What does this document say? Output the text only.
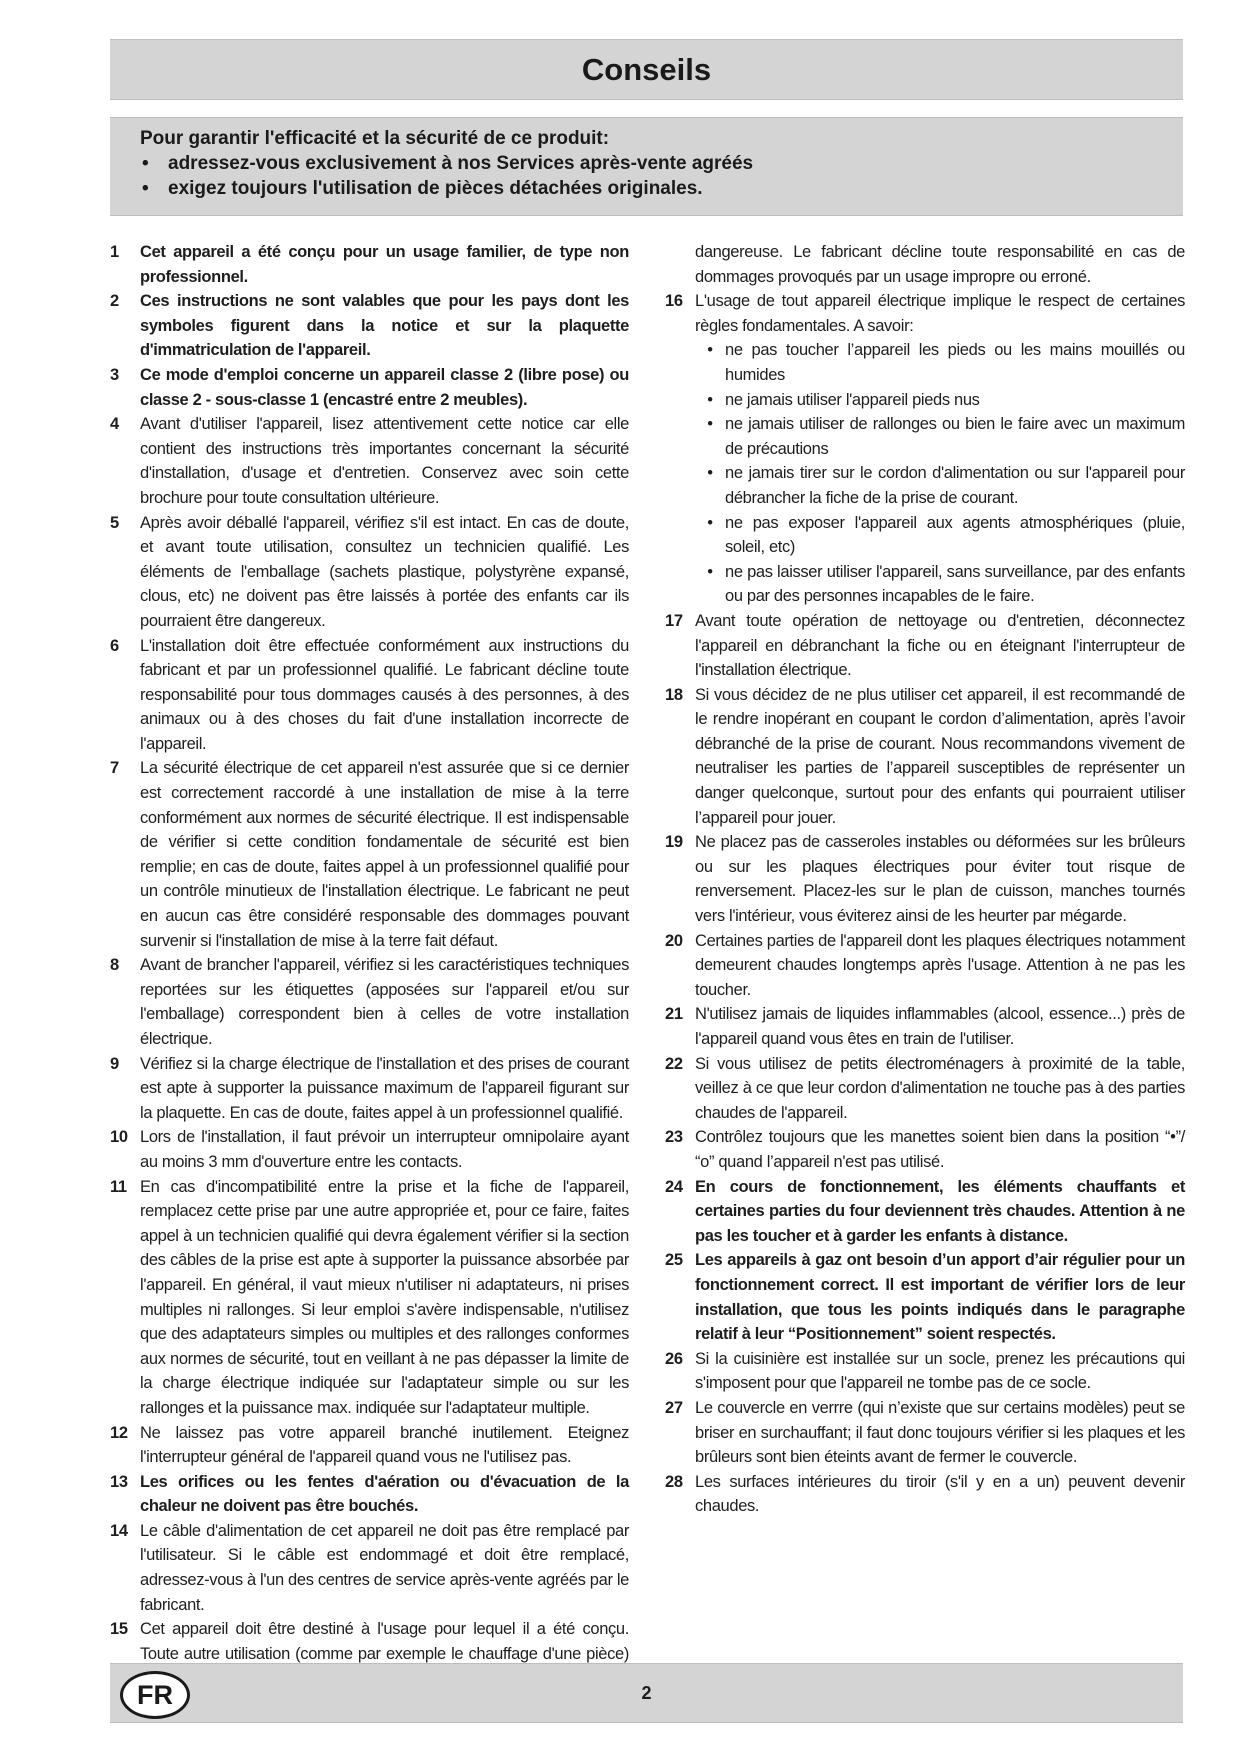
Conseils
Pour garantir l'efficacité et la sécurité de ce produit:
• adressez-vous exclusivement à nos Services après-vente agréés
• exigez toujours l'utilisation de pièces détachées originales.
1	Cet appareil a été conçu pour un usage familier, de type non professionnel.
2	Ces instructions ne sont valables que pour les pays dont les symboles figurent dans la notice et sur la plaquette d'immatriculation de l'appareil.
3	Ce mode d'emploi concerne un appareil classe 2 (libre pose) ou classe 2 - sous-classe 1 (encastré entre 2 meubles).
4	Avant d'utiliser l'appareil, lisez attentivement cette notice car elle contient des instructions très importantes concernant la sécurité d'installation, d'usage et d'entretien. Conservez avec soin cette brochure pour toute consultation ultérieure.
5	Après avoir déballé l'appareil, vérifiez s'il est intact. En cas de doute, et avant toute utilisation, consultez un technicien qualifié. Les éléments de l'emballage (sachets plastique, polystyrène expansé, clous, etc) ne doivent pas être laissés à portée des enfants car ils pourraient être dangereux.
6	L'installation doit être effectuée conformément aux instructions du fabricant et par un professionnel qualifié. Le fabricant décline toute responsabilité pour tous dommages causés à des personnes, à des animaux ou à des choses du fait d'une installation incorrecte de l'appareil.
7	La sécurité électrique de cet appareil n'est assurée que si ce dernier est correctement raccordé à une installation de mise à la terre conformément aux normes de sécurité électrique. Il est indispensable de vérifier si cette condition fondamentale de sécurité est bien remplie; en cas de doute, faites appel à un professionnel qualifié pour un contrôle minutieux de l'installation électrique. Le fabricant ne peut en aucun cas être considéré responsable des dommages pouvant survenir si l'installation de mise à la terre fait défaut.
8	Avant de brancher l'appareil, vérifiez si les caractéristiques techniques reportées sur les étiquettes (apposées sur l'appareil et/ou sur l'emballage) correspondent bien à celles de votre installation électrique.
9	Vérifiez si la charge électrique de l'installation et des prises de courant est apte à supporter la puissance maximum de l'appareil figurant sur la plaquette. En cas de doute, faites appel à un professionnel qualifié.
10 Lors de l'installation, il faut prévoir un interrupteur omnipolaire ayant au moins 3 mm d'ouverture entre les contacts.
11 En cas d'incompatibilité entre la prise et la fiche de l'appareil, remplacez cette prise par une autre appropriée et, pour ce faire, faites appel à un technicien qualifié qui devra également vérifier si la section des câbles de la prise est apte à supporter la puissance absorbée par l'appareil. En général, il vaut mieux n'utiliser ni adaptateurs, ni prises multiples ni rallonges. Si leur emploi s'avère indispensable, n'utilisez que des adaptateurs simples ou multiples et des rallonges conformes aux normes de sécurité, tout en veillant à ne pas dépasser la limite de la charge électrique indiquée sur l'adaptateur simple ou sur les rallonges et la puissance max. indiquée sur l'adaptateur multiple.
12 Ne laissez pas votre appareil branché inutilement. Eteignez l'interrupteur général de l'appareil quand vous ne l'utilisez pas.
13 Les orifices ou les fentes d'aération ou d'évacuation de la chaleur ne doivent pas être bouchés.
14 Le câble d'alimentation de cet appareil ne doit pas être remplacé par l'utilisateur. Si le câble est endommagé et doit être remplacé, adressez-vous à l'un des centres de service après-vente agréés par le fabricant.
15 Cet appareil doit être destiné à l'usage pour lequel il a été conçu. Toute autre utilisation (comme par exemple le chauffage d'une pièce)
dangereuse. Le fabricant décline toute responsabilité en cas de dommages provoqués par un usage impropre ou erroné.
16 L'usage de tout appareil électrique implique le respect de certaines règles fondamentales. A savoir:
• ne pas toucher l’appareil les pieds ou les mains mouillés ou humides
• ne jamais utiliser l'appareil pieds nus
• ne jamais utiliser de rallonges ou bien le faire avec un maximum de précautions
• ne jamais tirer sur le cordon d'alimentation ou sur l'appareil pour débrancher la fiche de la prise de courant.
• ne pas exposer l'appareil aux agents atmosphériques (pluie, soleil, etc)
• ne pas laisser utiliser l'appareil, sans surveillance, par des enfants ou par des personnes incapables de le faire.
17 Avant toute opération de nettoyage ou d'entretien, déconnectez l'appareil en débranchant la fiche ou en éteignant l'interrupteur de l'installation électrique.
18 Si vous décidez de ne plus utiliser cet appareil, il est recommandé de le rendre inopérant en coupant le cordon d’alimentation, après l’avoir débranché de la prise de courant. Nous recommandons vivement de neutraliser les parties de l’appareil susceptibles de représenter un danger quelconque, surtout pour des enfants qui pourraient utiliser l’appareil pour jouer.
19 Ne placez pas de casseroles instables ou déformées sur les brûleurs ou sur les plaques électriques pour éviter tout risque de renversement. Placez-les sur le plan de cuisson, manches tournés vers l'intérieur, vous éviterez ainsi de les heurter par mégarde.
20 Certaines parties de l'appareil dont les plaques électriques notamment demeurent chaudes longtemps après l'usage. Attention à ne pas les toucher.
21 N'utilisez jamais de liquides inflammables (alcool, essence...) près de l'appareil quand vous êtes en train de l'utiliser.
22 Si vous utilisez de petits électroménagers à proximité de la table, veillez à ce que leur cordon d'alimentation ne touche pas à des parties chaudes de l'appareil.
23 Contrôlez toujours que les manettes soient bien dans la position “•”/ “o” quand l’appareil n'est pas utilisé.
24 En cours de fonctionnement, les éléments chauffants et certaines parties du four deviennent très chaudes. Attention à ne pas les toucher et à garder les enfants à distance.
25 Les appareils à gaz ont besoin d’un apport d’air régulier pour un fonctionnement correct. Il est important de vérifier lors de leur installation, que tous les points indiqués dans le paragraphe relatif à leur “Positionnement” soient respectés.
26 Si la cuisinière est installée sur un socle, prenez les précautions qui s'imposent pour que l'appareil ne tombe pas de ce socle.
27 Le couvercle en verrre (qui n’existe que sur certains modèles) peut se briser en surchauffant; il faut donc toujours vérifier si les plaques et les brûleurs sont bien éteints avant de fermer le couvercle.
28 Les surfaces intérieures du tiroir (s'il y en a un) peuvent devenir chaudes.
FR	2
